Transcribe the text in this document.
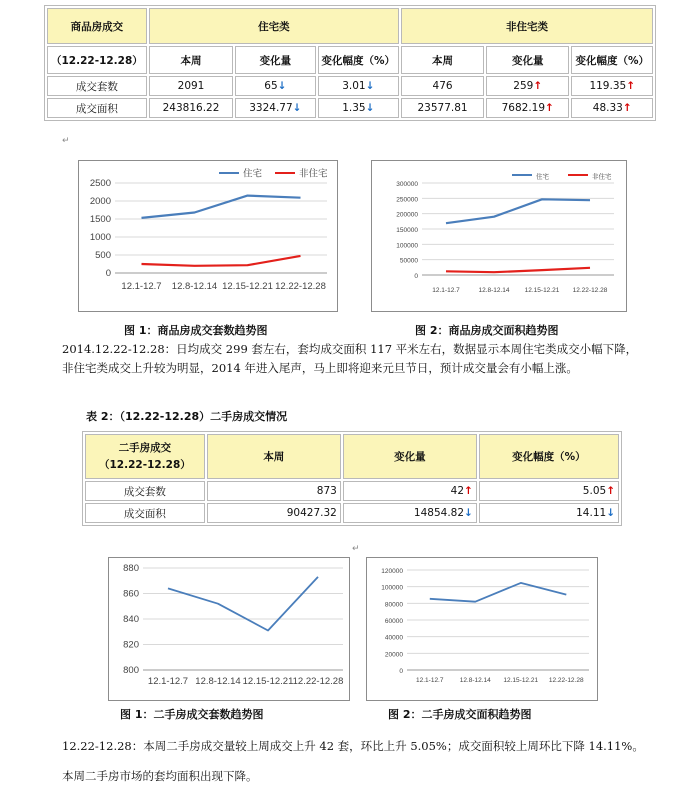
商品房成交	住宅类			非住宅类		
（12.22-12.28）	本周	变化量	变化幅度（%）	本周	变化量	变化幅度（%）
成交套数	2091	65↓	3.01↓	476	259↑	119.35↑
成交面积	243816.22	3324.77↓	1.35↓	23577.81	7682.19↑	48.33↑
↵
0
500
1000
1500
2000
2500
12.1-12.7 12.8-12.14 12.15-12.21 12.22-12.28
住宅	非住宅
0
50000
100000
150000
200000
250000
300000
12.1-12.7	12.8-12.14 12.15-12.21 12.22-12.28
住宅	非住宅
图 1：商品房成交套数趋势图	图 2：商品房成交面积趋势图
2014.12.22-12.28：日均成交 299 套左右，套均成交面积 117 平米左右，数据显示本周住宅类成交小幅下降，非住宅类成交上升较为明显，2014 年进入尾声，马上即将迎来元旦节日，预计成交量会有小幅上涨。
表 2：（12.22-12.28）二手房成交情况
二手房成交
（12.22-12.28）	本周	变化量	变化幅度（%）
成交套数	873	42↑	5.05↑
成交面积	90427.32	14854.82↓	14.11↓
↵
800
820
840
860
880
12.1-12.7 12.8-12.14 12.15-12.21 12.22-12.28
0
20000
40000
60000
80000
100000
120000
12.1-12.7 12.8-12.14 12.15-12.21 12.22-12.28
图 1：二手房成交套数趋势图	图 2：二手房成交面积趋势图
12.22-12.28：本周二手房成交量较上周成交上升 42 套，环比上升 5.05%；成交面积较上周环比下降 14.11%。本周二手房市场的套均面积出现下降。
